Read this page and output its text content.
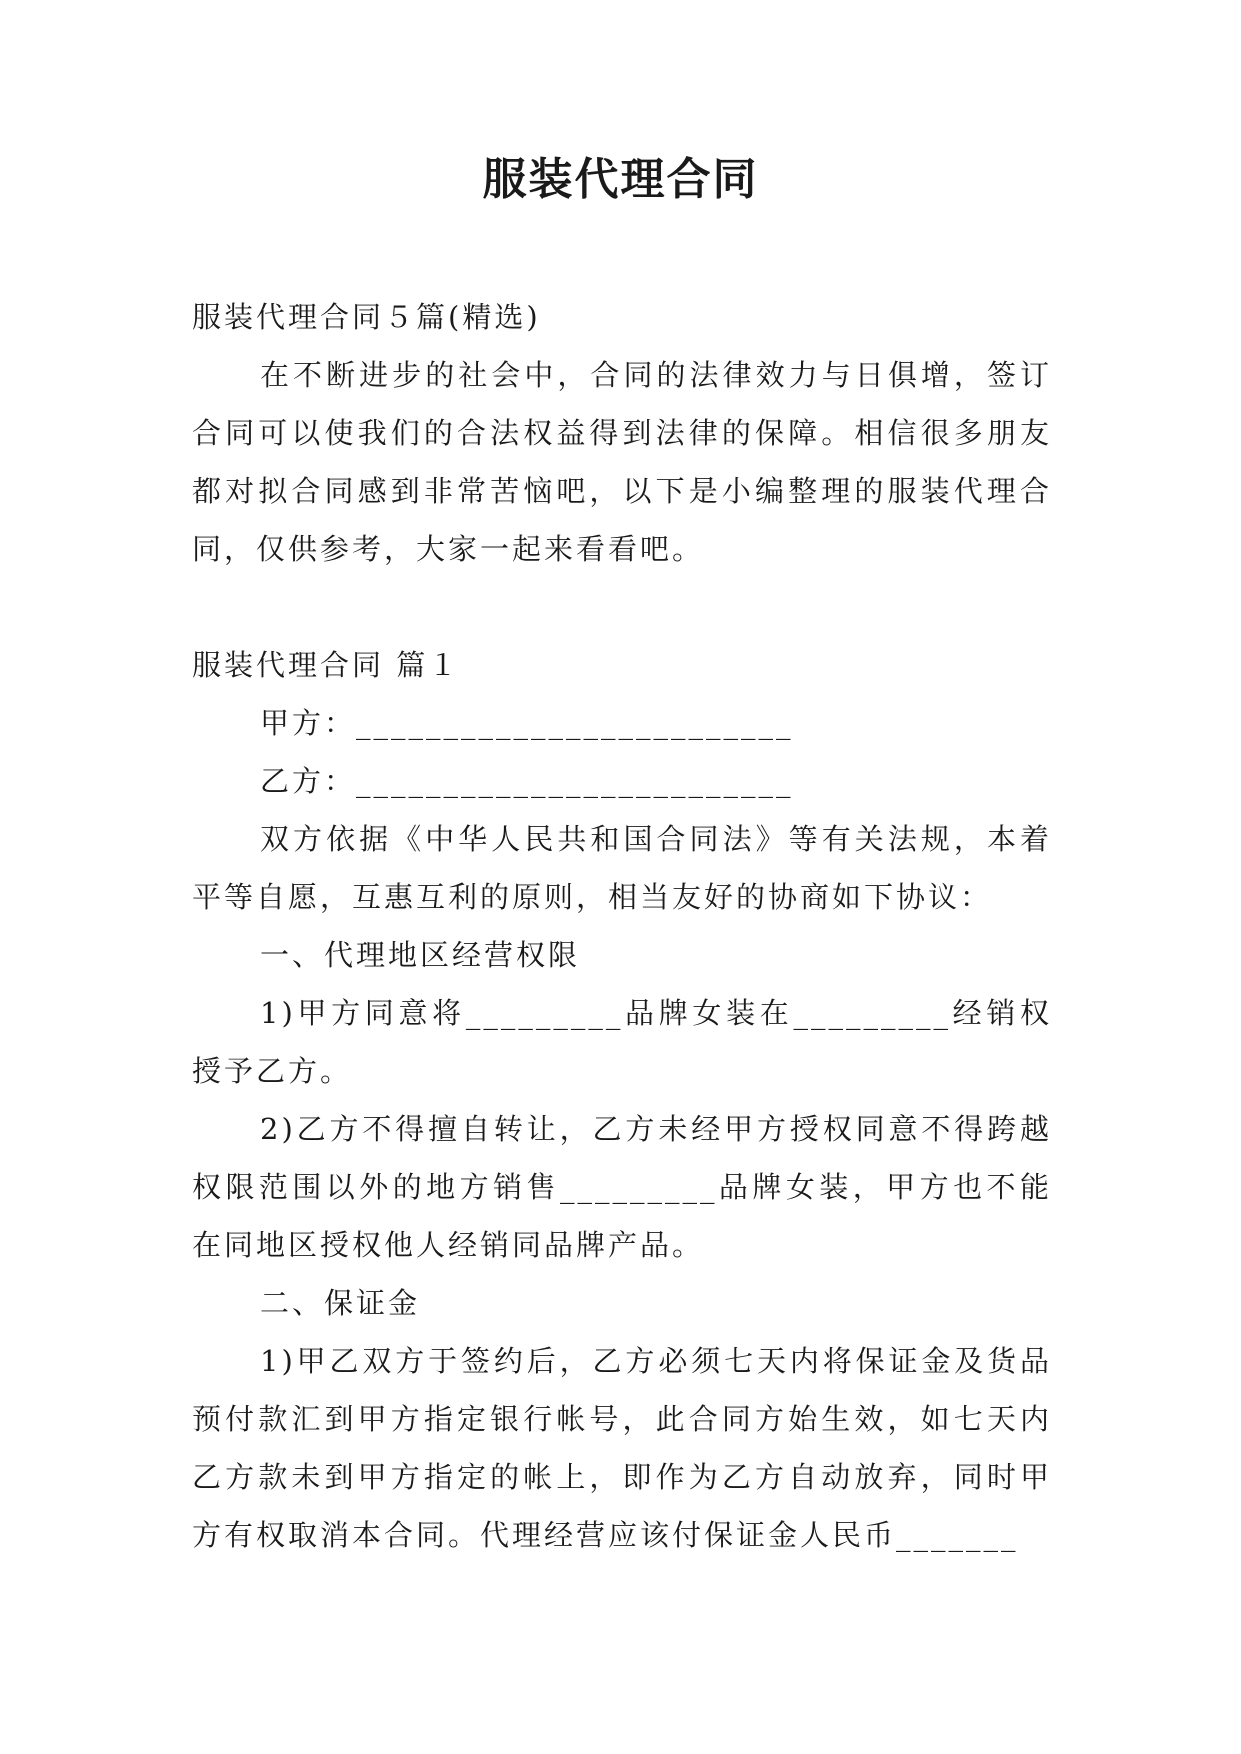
服装代理合同

服装代理合同５篇(精选)

在不断进步的社会中，合同的法律效力与日俱增，签订合同可以使我们的合法权益得到法律的保障。相信很多朋友都对拟合同感到非常苦恼吧，以下是小编整理的服装代理合同，仅供参考，大家一起来看看吧。

服装代理合同 篇１

甲方：_________________________

乙方：_________________________

双方依据《中华人民共和国合同法》等有关法规，本着平等自愿，互惠互利的原则，相当友好的协商如下协议：

一、代理地区经营权限

1)甲方同意将_________品牌女装在_________经销权授予乙方。

2)乙方不得擅自转让，乙方未经甲方授权同意不得跨越权限范围以外的地方销售_________品牌女装，甲方也不能在同地区授权他人经销同品牌产品。

二、保证金

1)甲乙双方于签约后，乙方必须七天内将保证金及货品预付款汇到甲方指定银行帐号，此合同方始生效，如七天内乙方款未到甲方指定的帐上，即作为乙方自动放弃，同时甲方有权取消本合同。代理经营应该付保证金人民币_______
